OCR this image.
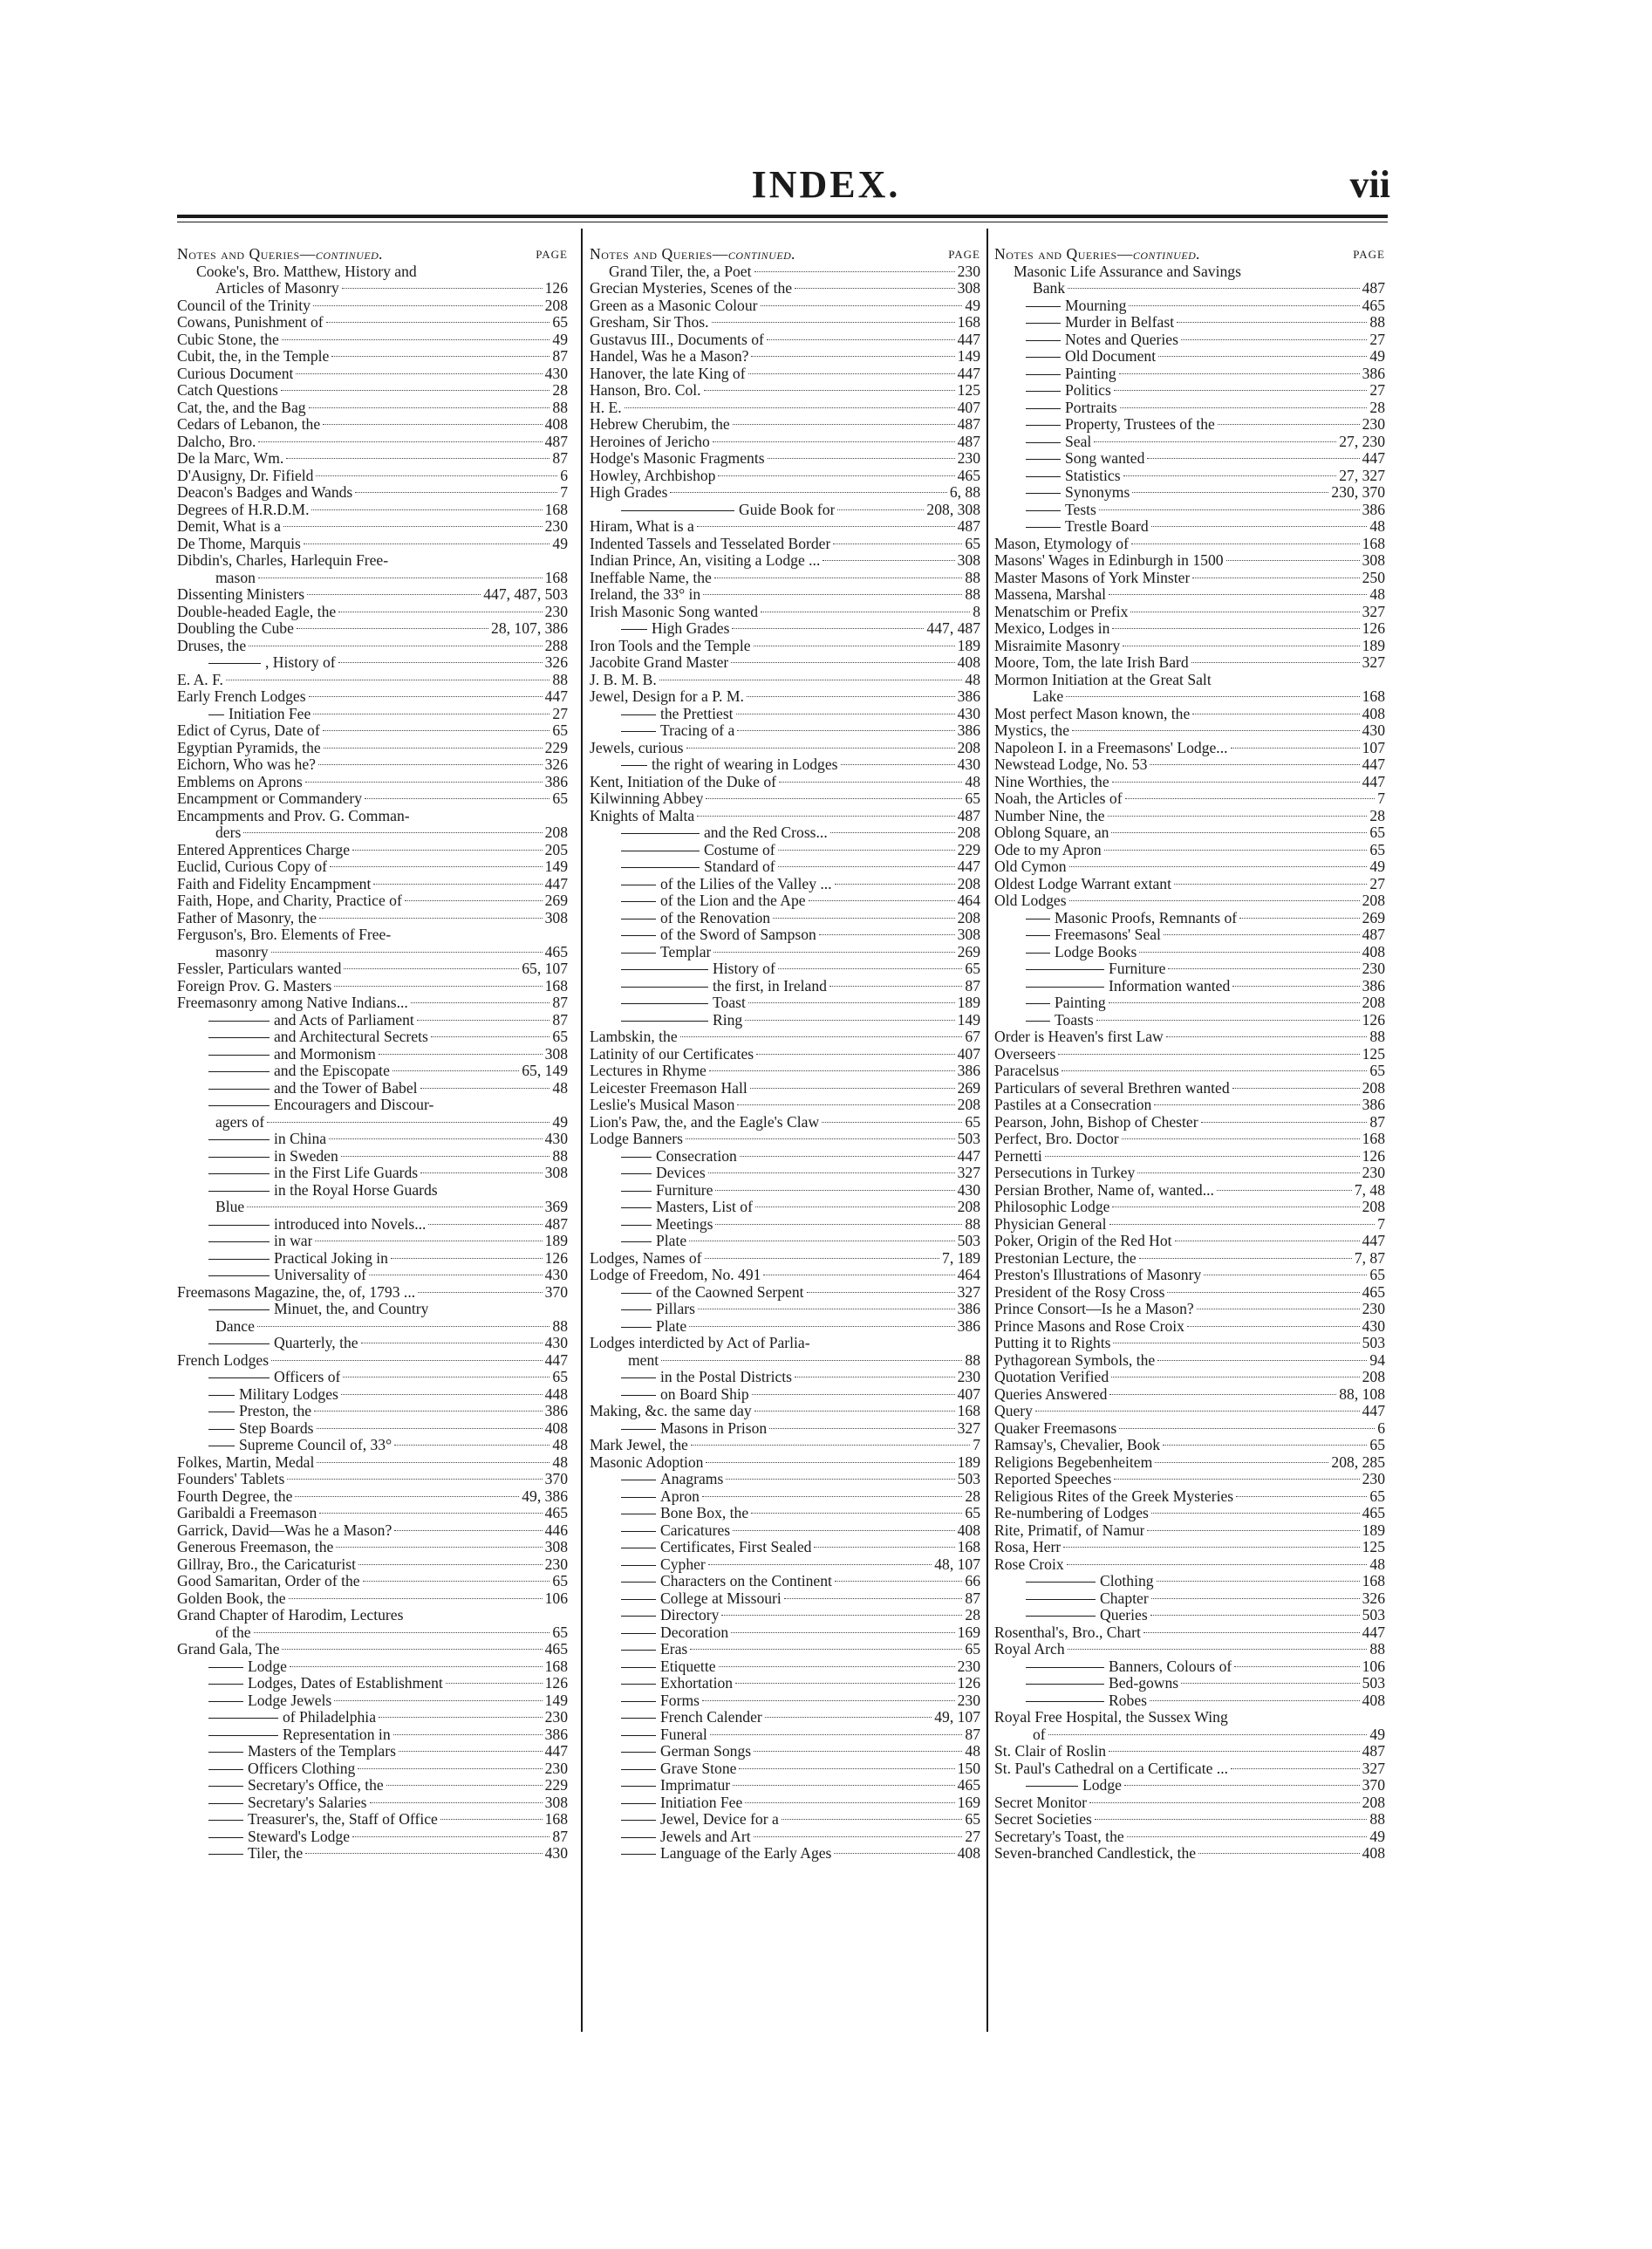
INDEX.	vii
Notes and Queries—continued.	PAGE
Cooke's, Bro. Matthew, History and
Articles of Masonry	126
Council of the Trinity	208
Cowans, Punishment of	65
Cubic Stone, the	49
Cubit, the, in the Temple	87
Curious Document	430
Catch Questions	28
Cat, the, and the Bag	88
Cedars of Lebanon, the	408
Dalcho, Bro.	487
De la Marc, Wm.	87
D'Ausigny, Dr. Fifield	6
Deacon's Badges and Wands	7
Degrees of H.R.D.M.	168
Demit, What is a	230
De Thome, Marquis	49
Dibdin's, Charles, Harlequin Free-
mason	168
Dissenting Ministers	447, 487, 503
Double-headed Eagle, the	230
Doubling the Cube	28, 107, 386
Druses, the	288
, History of	326
E. A. F.	88
Early French Lodges	447
Initiation Fee	27
Edict of Cyrus, Date of	65
Egyptian Pyramids, the	229
Eichorn, Who was he?	326
Emblems on Aprons	386
Encampment or Commandery	65
Encampments and Prov. G. Comman-
ders	208
Entered Apprentices Charge	205
Euclid, Curious Copy of	149
Faith and Fidelity Encampment	447
Faith, Hope, and Charity, Practice of	269
Father of Masonry, the	308
Ferguson's, Bro. Elements of Free-
masonry	465
Fessler, Particulars wanted	65, 107
Foreign Prov. G. Masters	168
Freemasonry among Native Indians...	87
and Acts of Parliament	87
and Architectural Secrets	65
and Mormonism	308
and the Episcopate	65, 149
and the Tower of Babel	48
Encouragers and Discour-
agers of	49
in China	430
in Sweden	88
in the First Life Guards	308
in the Royal Horse Guards
Blue	369
introduced into Novels...	487
in war	189
Practical Joking in	126
Universality of	430
Freemasons Magazine, the, of, 1793 ...	370
Minuet, the, and Country
Dance	88
Quarterly, the	430
French Lodges	447
Officers of	65
Military Lodges	448
Preston, the	386
Step Boards	408
Supreme Council of, 33°	48
Folkes, Martin, Medal	48
Founders' Tablets	370
Fourth Degree, the	49, 386
Garibaldi a Freemason	465
Garrick, David—Was he a Mason?	446
Generous Freemason, the	308
Gillray, Bro., the Caricaturist	230
Good Samaritan, Order of the	65
Golden Book, the	106
Grand Chapter of Harodim, Lectures
of the	65
Grand Gala, The	465
Lodge	168
Lodges, Dates of Establishment	126
Lodge Jewels	149
of Philadelphia	230
Representation in	386
Masters of the Templars	447
Officers Clothing	230
Secretary's Office, the	229
Secretary's Salaries	308
Treasurer's, the, Staff of Office	168
Steward's Lodge	87
Tiler, the	430
Notes and Queries—continued.	PAGE
Grand Tiler, the, a Poet	230
Grecian Mysteries, Scenes of the	308
Green as a Masonic Colour	49
Gresham, Sir Thos.	168
Gustavus III., Documents of	447
Handel, Was he a Mason?	149
Hanover, the late King of	447
Hanson, Bro. Col.	125
H. E.	407
Hebrew Cherubim, the	487
Heroines of Jericho	487
Hodge's Masonic Fragments	230
Howley, Archbishop	465
High Grades	6, 88
Guide Book for	208, 308
Hiram, What is a	487
Indented Tassels and Tesselated Border	65
Indian Prince, An, visiting a Lodge ...	308
Ineffable Name, the	88
Ireland, the 33° in	88
Irish Masonic Song wanted	8
High Grades	447, 487
Iron Tools and the Temple	189
Jacobite Grand Master	408
J. B. M. B.	48
Jewel, Design for a P. M.	386
the Prettiest	430
Tracing of a	386
Jewels, curious	208
the right of wearing in Lodges	430
Kent, Initiation of the Duke of	48
Kilwinning Abbey	65
Knights of Malta	487
and the Red Cross...	208
Costume of	229
Standard of	447
of the Lilies of the Valley ...	208
of the Lion and the Ape	464
of the Renovation	208
of the Sword of Sampson	308
Templar	269
History of	65
the first, in Ireland	87
Toast	189
Ring	149
Lambskin, the	67
Latinity of our Certificates	407
Lectures in Rhyme	386
Leicester Freemason Hall	269
Leslie's Musical Mason	208
Lion's Paw, the, and the Eagle's Claw	65
Lodge Banners	503
Consecration	447
Devices	327
Furniture	430
Masters, List of	208
Meetings	88
Plate	503
Lodges, Names of	7, 189
Lodge of Freedom, No. 491	464
of the Caowned Serpent	327
Pillars	386
Plate	386
Lodges interdicted by Act of Parlia-
ment	88
in the Postal Districts	230
on Board Ship	407
Making, &c. the same day	168
Masons in Prison	327
Mark Jewel, the	7
Masonic Adoption	189
Anagrams	503
Apron	28
Bone Box, the	65
Caricatures	408
Certificates, First Sealed	168
Cypher	48, 107
Characters on the Continent	66
College at Missouri	87
Directory	28
Decoration	169
Eras	65
Etiquette	230
Exhortation	126
Forms	230
French Calender	49, 107
Funeral	87
German Songs	48
Grave Stone	150
Imprimatur	465
Initiation Fee	169
Jewel, Device for a	65
Jewels and Art	27
Language of the Early Ages	408
Notes and Queries—continued.	PAGE
Masonic Life Assurance and Savings
Bank	487
Mourning	465
Murder in Belfast	88
Notes and Queries	27
Old Document	49
Painting	386
Politics	27
Portraits	28
Property, Trustees of the	230
Seal	27, 230
Song wanted	447
Statistics	27, 327
Synonyms	230, 370
Tests	386
Trestle Board	48
Mason, Etymology of	168
Masons' Wages in Edinburgh in 1500	308
Master Masons of York Minster	250
Massena, Marshal	48
Menatschim or Prefix	327
Mexico, Lodges in	126
Misraimite Masonry	189
Moore, Tom, the late Irish Bard	327
Mormon Initiation at the Great Salt
Lake	168
Most perfect Mason known, the	408
Mystics, the	430
Napoleon I. in a Freemasons' Lodge...	107
Newstead Lodge, No. 53	447
Nine Worthies, the	447
Noah, the Articles of	7
Number Nine, the	28
Oblong Square, an	65
Ode to my Apron	65
Old Cymon	49
Oldest Lodge Warrant extant	27
Old Lodges	208
Masonic Proofs, Remnants of	269
Freemasons' Seal	487
Lodge Books	408
Furniture	230
Information wanted	386
Painting	208
Toasts	126
Order is Heaven's first Law	88
Overseers	125
Paracelsus	65
Particulars of several Brethren wanted	208
Pastiles at a Consecration	386
Pearson, John, Bishop of Chester	87
Perfect, Bro. Doctor	168
Pernetti	126
Persecutions in Turkey	230
Persian Brother, Name of, wanted...	7, 48
Philosophic Lodge	208
Physician General	7
Poker, Origin of the Red Hot	447
Prestonian Lecture, the	7, 87
Preston's Illustrations of Masonry	65
President of the Rosy Cross	465
Prince Consort—Is he a Mason?	230
Prince Masons and Rose Croix	430
Putting it to Rights	503
Pythagorean Symbols, the	94
Quotation Verified	208
Queries Answered	88, 108
Query	447
Quaker Freemasons	6
Ramsay's, Chevalier, Book	65
Religions Begebenheitem	208, 285
Reported Speeches	230
Religious Rites of the Greek Mysteries	65
Re-numbering of Lodges	465
Rite, Primatif, of Namur	189
Rosa, Herr	125
Rose Croix	48
Clothing	168
Chapter	326
Queries	503
Rosenthal's, Bro., Chart	447
Royal Arch	88
Banners, Colours of	106
Bed-gowns	503
Robes	408
Royal Free Hospital, the Sussex Wing
of	49
St. Clair of Roslin	487
St. Paul's Cathedral on a Certificate ...	327
Lodge	370
Secret Monitor	208
Secret Societies	88
Secretary's Toast, the	49
Seven-branched Candlestick, the	408
